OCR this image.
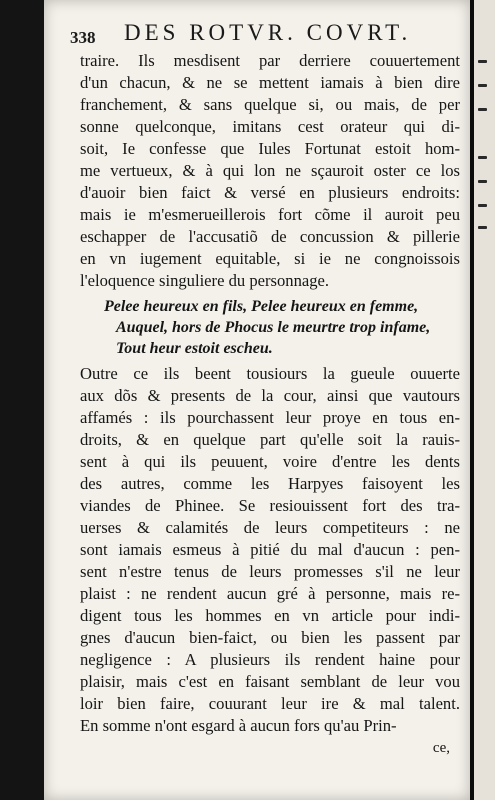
338 DES ROTVR. COVRT.
traire. Ils mesdisent par derriere couuertement
d'un chacun, & ne se mettent iamais à bien dire
franchement, & sans quelque si, ou mais, de per
sonne quelconque, imitans cest orateur qui di-
soit, Ie confesse que Iules Fortunat estoit hom-
me vertueux, & à qui lon ne sçauroit oster ce los
d'auoir bien faict & versé en plusieurs endroits:
mais ie m'esmerueillerois fort cõme il auroit peu
eschapper de l'accusatiõ de concussion & pillerie
en vn iugement equitable, si ie ne congnoissois
l'eloquence singuliere du personnage.
Pelee heureux en fils, Pelee heureux en femme,
Auquel, hors de Phocus le meurtre trop infame,
Tout heur estoit escheu.
Outre ce ils beent tousiours la gueule ouuerte
aux dõs & presents de la cour, ainsi que vautours
affamés : ils pourchassent leur proye en tous en-
droits, & en quelque part qu'elle soit la rauis-
sent à qui ils peuuent, voire d'entre les dents
des autres, comme les Harpyes faisoyent les
viandes de Phinee. Se resiouissent fort des tra-
uerses & calamités de leurs competiteurs : ne
sont iamais esmeus à pitié du mal d'aucun : pen-
sent n'estre tenus de leurs promesses s'il ne leur
plaist : ne rendent aucun gré à personne, mais re-
digent tous les hommes en vn article pour indi-
gnes d'aucun bien-faict, ou bien les passent par
negligence : A plusieurs ils rendent haine pour
plaisir, mais c'est en faisant semblant de leur vou
loir bien faire, couurant leur ire & mal talent.
En somme n'ont esgard à aucun fors qu'au Prin-
ce,
